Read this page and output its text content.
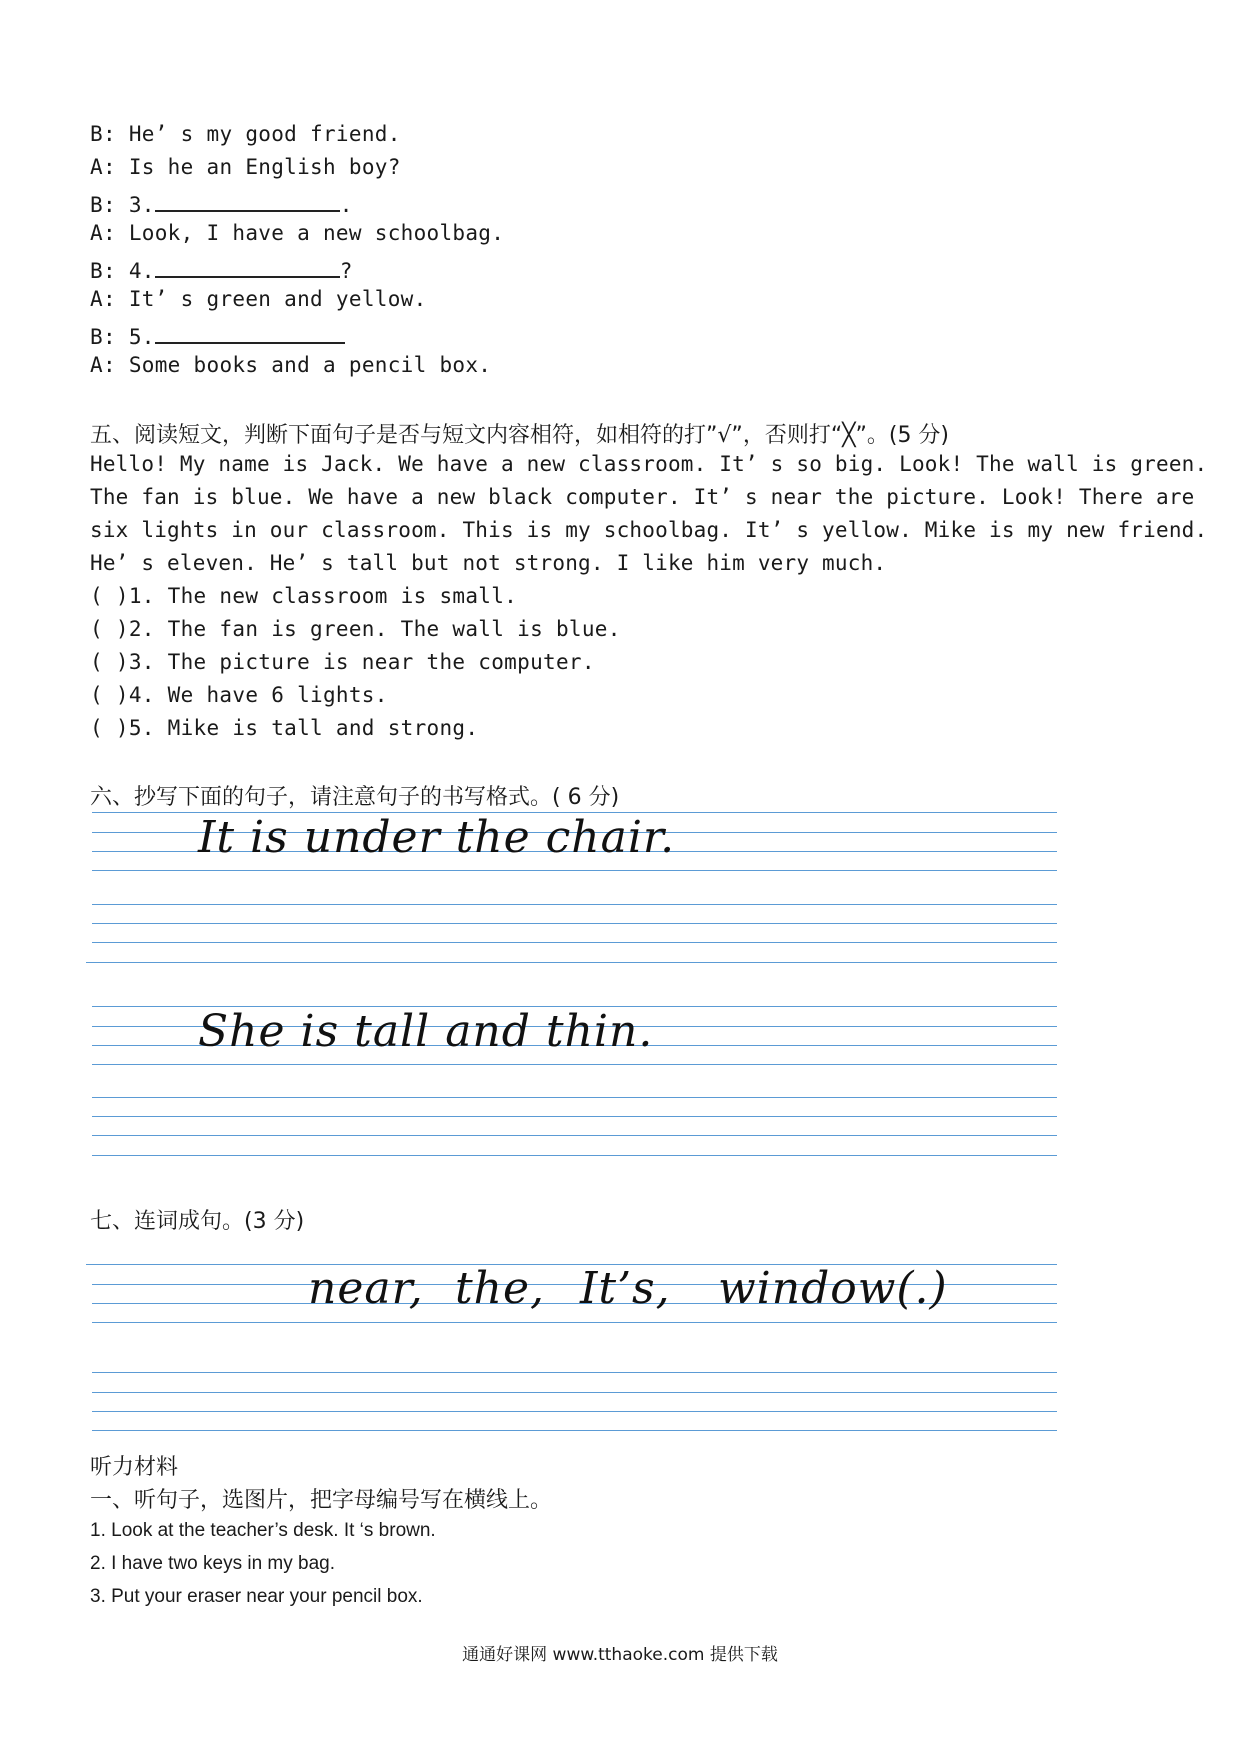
B: He’ s my good friend.
A: Is he an English boy?
B: 3.	.
A: Look, I have a new schoolbag.
B: 4.	?
A: It’ s green and yellow.
B: 5.
A: Some books and a pencil box.
五、阅读短文，判断下面句子是否与短文内容相符，如相符的打”√”，否则打“╳”。(5 分)
Hello! My name is Jack. We have a new classroom. It’ s so big. Look! The wall is green.
The fan is blue. We have a new black computer. It’ s near the picture. Look! There are
six lights in our classroom. This is my schoolbag. It’ s yellow. Mike is my new friend.
He’ s eleven. He’ s tall but not strong. I like him very much.
( )1. The new classroom is small.
( )2. The fan is green. The wall is blue.
( )3. The picture is near the computer.
( )4. We have 6 lights.
( )5. Mike is tall and strong.
六、抄写下面的句子，请注意句子的书写格式。( 6 分)
It is under the chair.
She is tall and thin.
七、连词成句。(3 分)
near, the, It’s, window(.)
听力材料
一、听句子，选图片，把字母编号写在横线上。
1. Look at the teacher’s desk. It ‘s brown.
2. I have two keys in my bag.
3. Put your eraser near your pencil box.
通通好课网 www.tthaoke.com 提供下载
